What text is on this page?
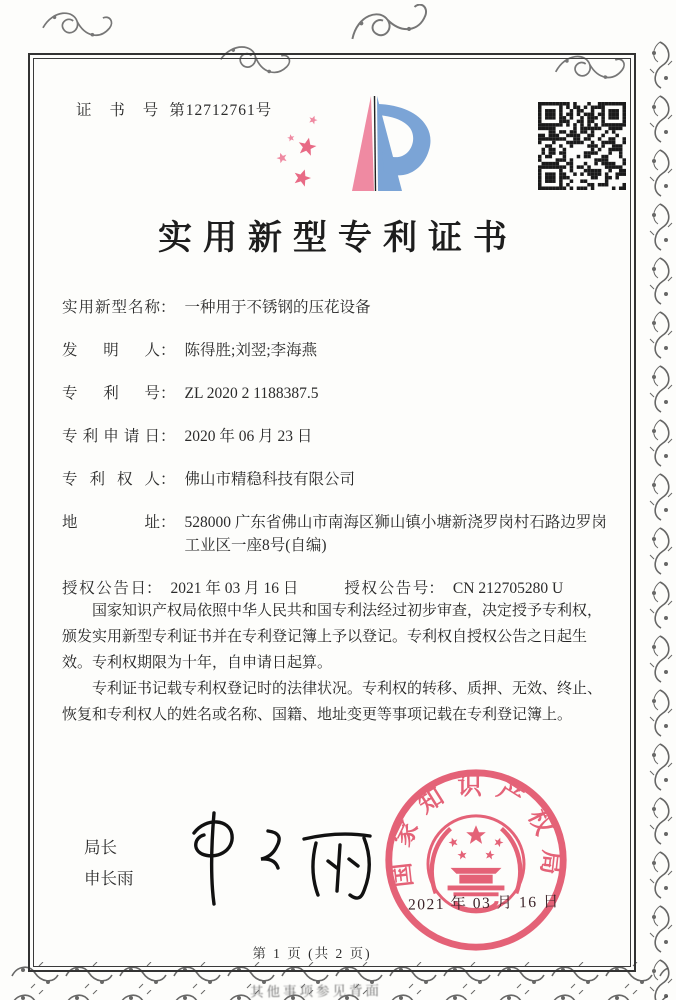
证 书 号 第12712761号
实用新型专利证书
实用新型名称 ： 一种用于不锈钢的压花设备
发明人 ： 陈得胜;刘翌;李海燕
专利号 ： ZL 2020 2 1188387.5
专利申请日 ： 2020 年 06 月 23 日
专利权人 ： 佛山市精稳科技有限公司
地址 ： 528000 广东省佛山市南海区狮山镇小塘新浇罗岗村石路边罗岗工业区一座8号(自编)
授权公告日 ： 2021 年 03 月 16 日	授权公告号 ： CN 212705280 U

国家知识产权局依照中华人民共和国专利法经过初步审查，决定授予专利权，颁发实用新型专利证书并在专利登记簿上予以登记。专利权自授权公告之日起生效。专利权期限为十年，自申请日起算。

专利证书记载专利权登记时的法律状况。专利权的转移、质押、无效、终止、恢复和专利权人的姓名或名称、国籍、地址变更等事项记载在专利登记簿上。

局长
申长雨	国家知识产权局
2021 年 03 月 16 日
第 1 页 (共 2 页)
其他事项参见背面
